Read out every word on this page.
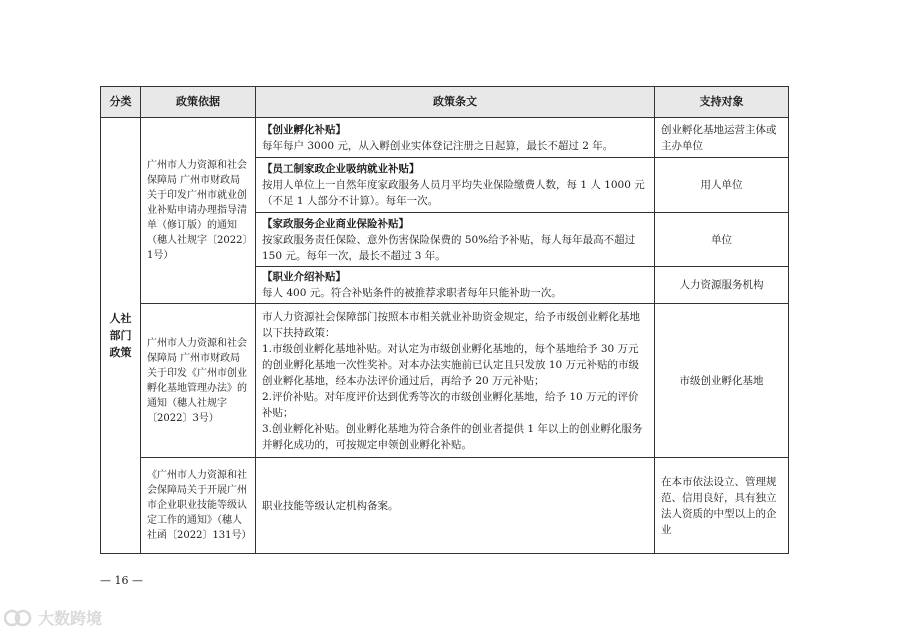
分类	政策依据	政策条文	支持对象

人社部门政策	广州市人力资源和社会保障局 广州市财政局关于印发广州市就业创业补贴申请办理指导清单（修订版）的通知（穗人社规字〔2022〕1号）	【创业孵化补贴】
每年每户 3000 元，从入孵创业实体登记注册之日起算，最长不超过 2 年。	创业孵化基地运营主体或主办单位
		【员工制家政企业吸纳就业补贴】
按用人单位上一自然年度家政服务人员月平均失业保险缴费人数，每 1 人 1000 元（不足 1 人部分不计算）。每年一次。	用人单位
		【家政服务企业商业保险补贴】
按家政服务责任保险、意外伤害保险保费的 50%给予补贴，每人每年最高不超过 150 元。每年一次，最长不超过 3 年。	单位
		【职业介绍补贴】
每人 400 元。符合补贴条件的被推荐求职者每年只能补助一次。	人力资源服务机构
	广州市人力资源和社会保障局 广州市财政局关于印发《广州市创业孵化基地管理办法》的通知（穗人社规字〔2022〕3号）	市人力资源社会保障部门按照本市相关就业补助资金规定，给予市级创业孵化基地以下扶持政策：
1.市级创业孵化基地补贴。对认定为市级创业孵化基地的，每个基地给予 30 万元的创业孵化基地一次性奖补。对本办法实施前已认定且只发放 10 万元补贴的市级创业孵化基地，经本办法评价通过后，再给予 20 万元补贴；
2.评价补贴。对年度评价达到优秀等次的市级创业孵化基地，给予 10 万元的评价补贴；
3.创业孵化补贴。创业孵化基地为符合条件的创业者提供 1 年以上的创业孵化服务并孵化成功的，可按规定申领创业孵化补贴。	市级创业孵化基地
	《广州市人力资源和社会保障局关于开展广州市企业职业技能等级认定工作的通知》（穗人社函〔2022〕131号）	职业技能等级认定机构备案。	在本市依法设立、管理规范、信用良好，具有独立法人资质的中型以上的企业
— 16 —
大数跨境
